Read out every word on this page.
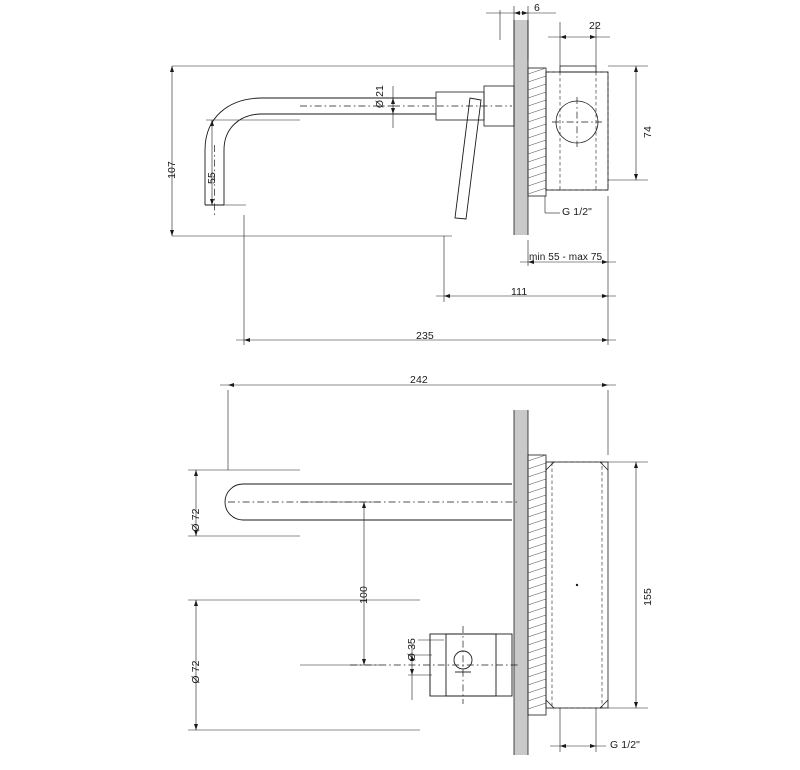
6
22
Ø 21
107	55
74
G 1/2"
min 55 - max 75
111
235
242
Ø 72
100
Ø 35
Ø 72
155
G 1/2"
